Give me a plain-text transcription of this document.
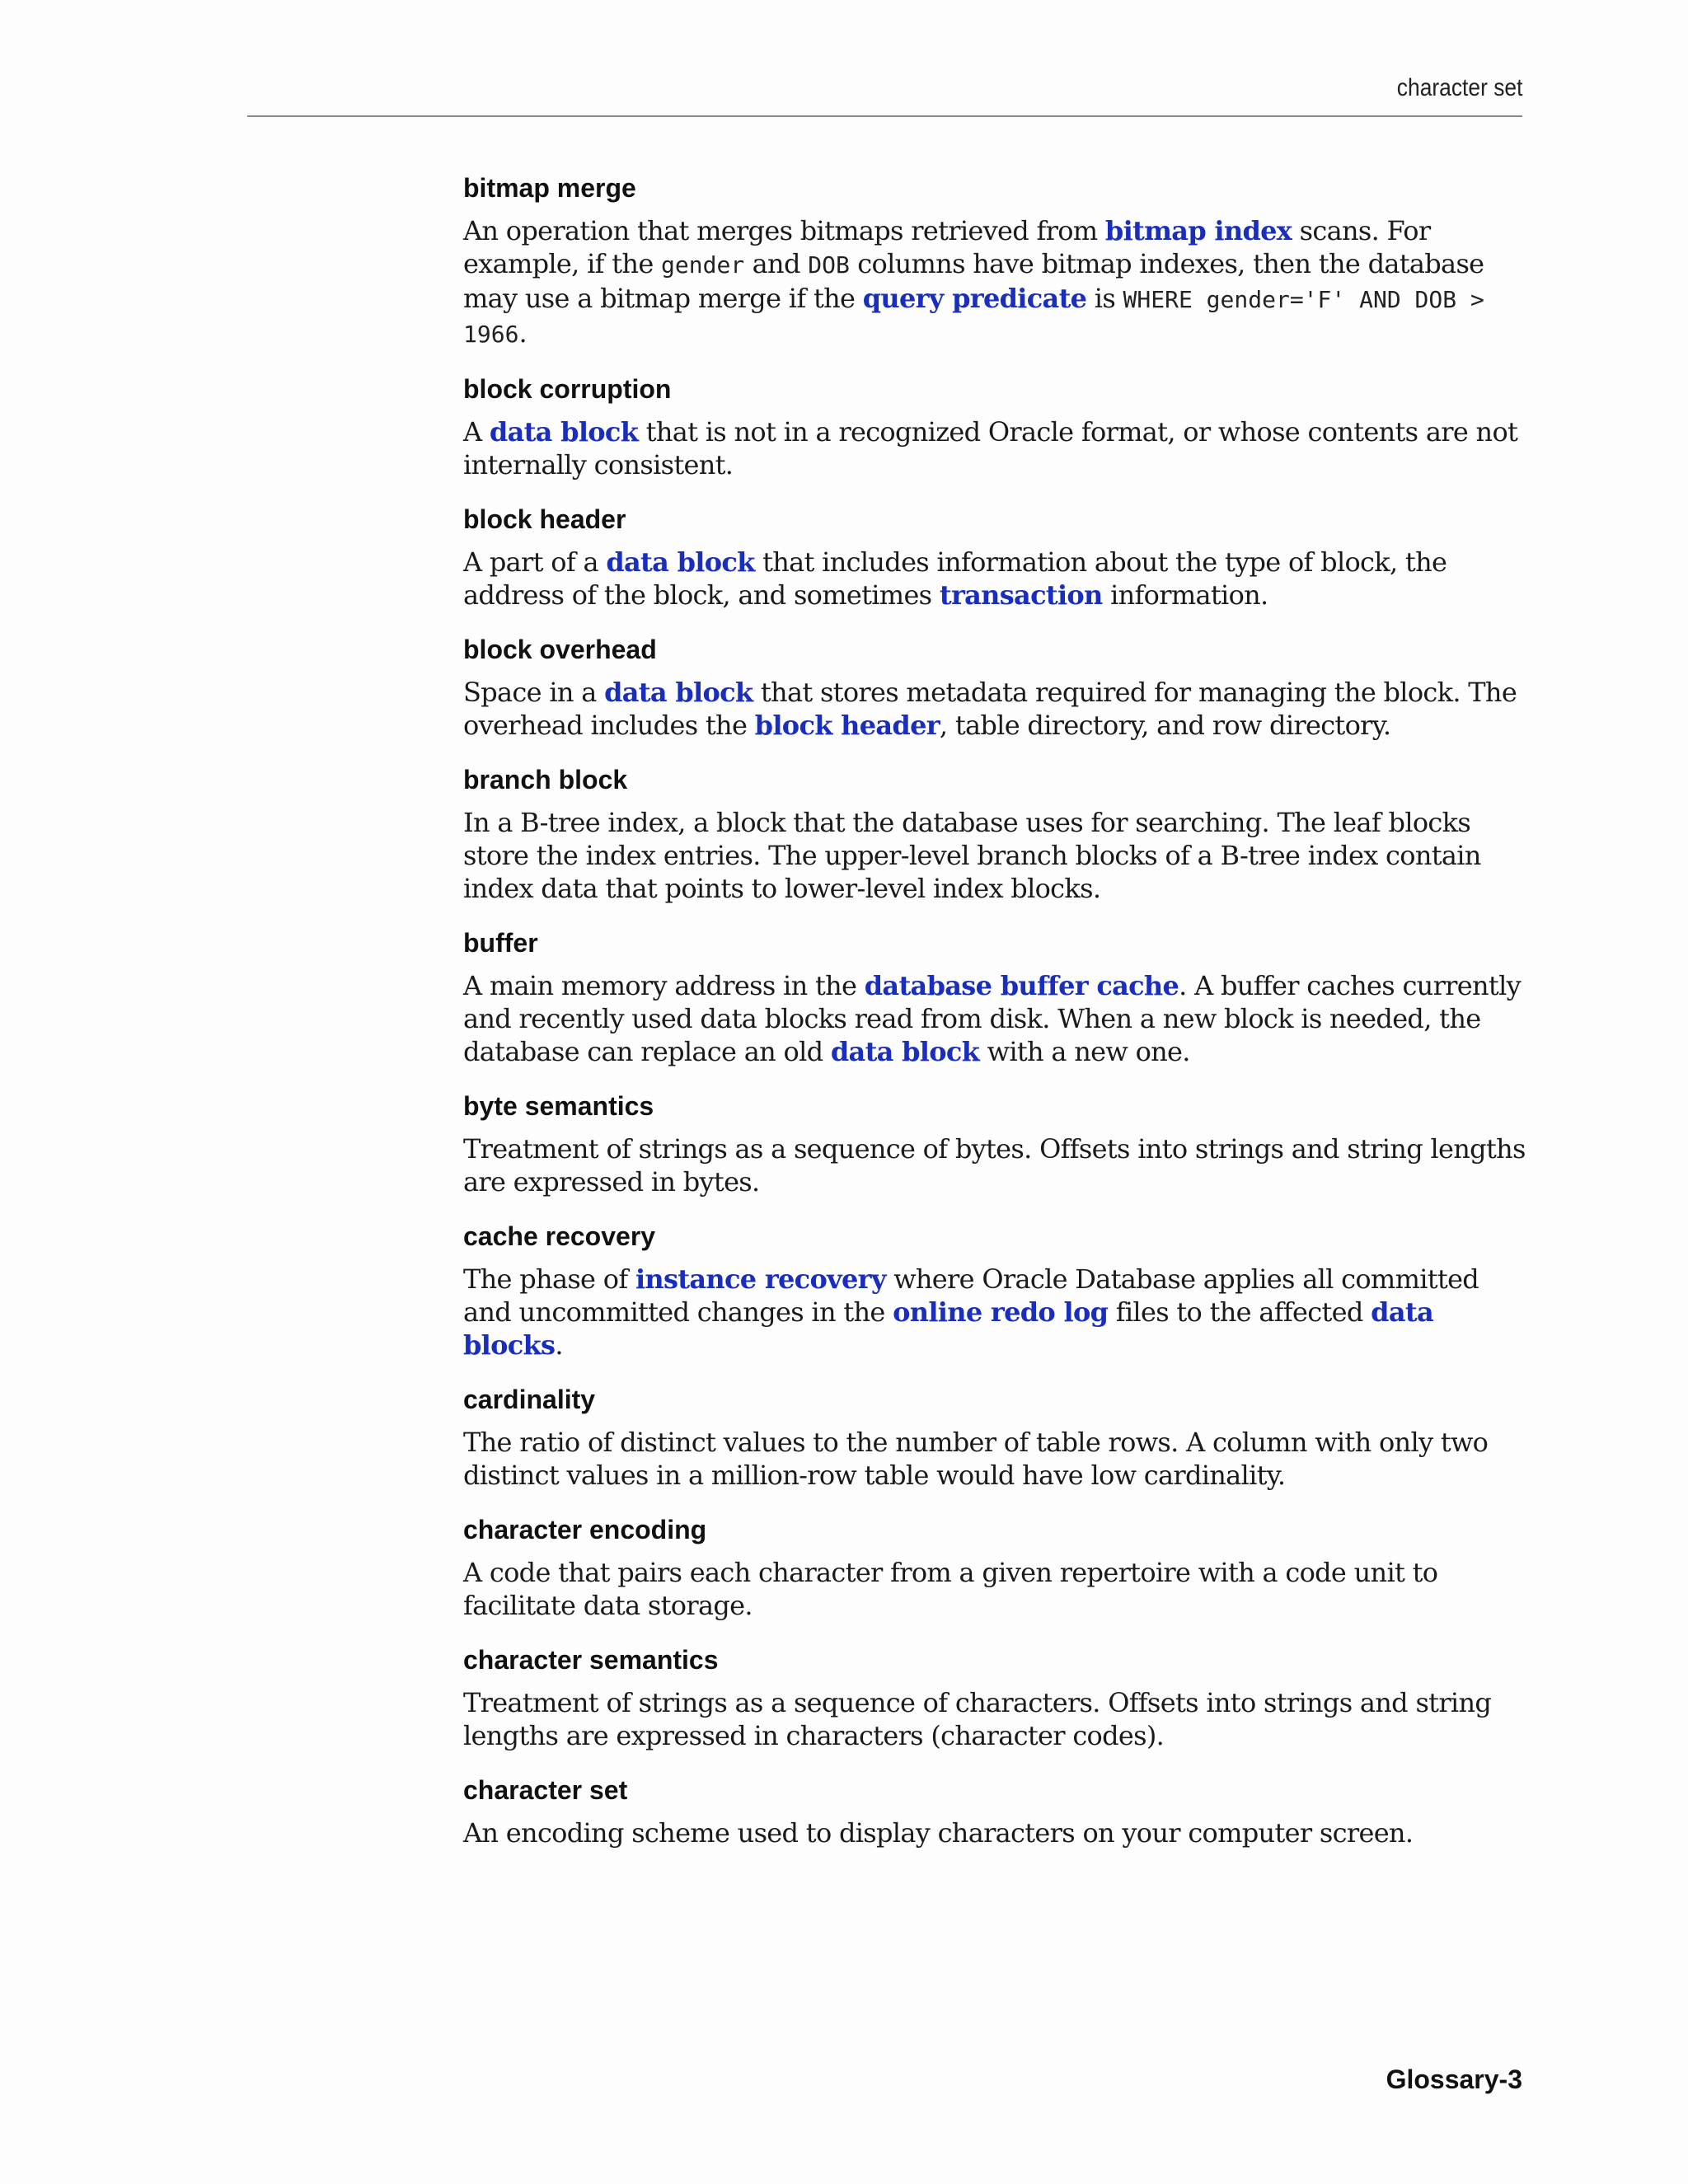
character set
bitmap merge

An operation that merges bitmaps retrieved from bitmap index scans. For example, if the gender and DOB columns have bitmap indexes, then the database may use a bitmap merge if the query predicate is WHERE gender='F' AND DOB > 1966.

block corruption

A data block that is not in a recognized Oracle format, or whose contents are not internally consistent.

block header

A part of a data block that includes information about the type of block, the address of the block, and sometimes transaction information.

block overhead

Space in a data block that stores metadata required for managing the block. The overhead includes the block header, table directory, and row directory.

branch block

In a B-tree index, a block that the database uses for searching. The leaf blocks store the index entries. The upper-level branch blocks of a B-tree index contain index data that points to lower-level index blocks.

buffer

A main memory address in the database buffer cache. A buffer caches currently and recently used data blocks read from disk. When a new block is needed, the database can replace an old data block with a new one.

byte semantics

Treatment of strings as a sequence of bytes. Offsets into strings and string lengths are expressed in bytes.

cache recovery

The phase of instance recovery where Oracle Database applies all committed and uncommitted changes in the online redo log files to the affected data blocks.

cardinality

The ratio of distinct values to the number of table rows. A column with only two distinct values in a million-row table would have low cardinality.

character encoding

A code that pairs each character from a given repertoire with a code unit to facilitate data storage.

character semantics

Treatment of strings as a sequence of characters. Offsets into strings and string lengths are expressed in characters (character codes).

character set

An encoding scheme used to display characters on your computer screen.

Glossary-3
